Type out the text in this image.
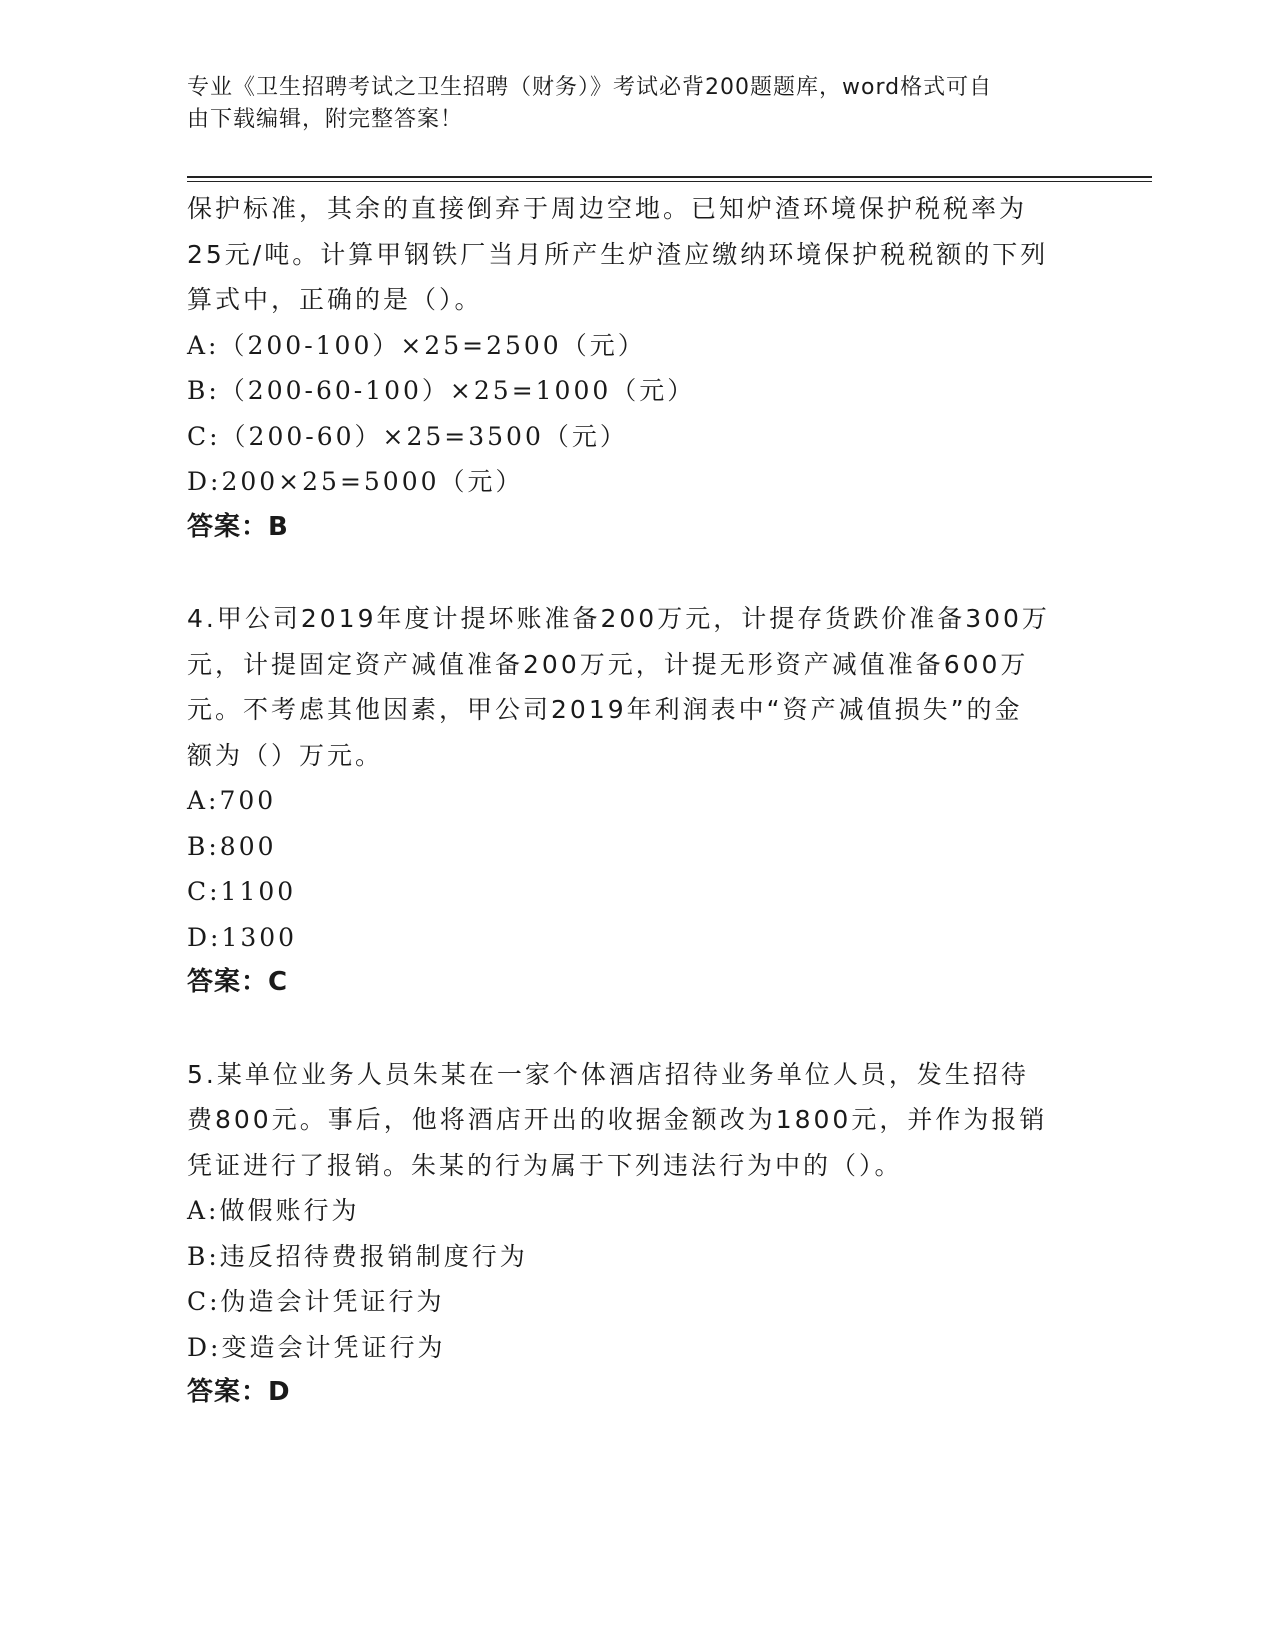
专业《卫生招聘考试之卫生招聘（财务）》考试必背200题题库，word格式可自
由下载编辑，附完整答案！
保护标准，其余的直接倒弃于周边空地。已知炉渣环境保护税税率为
25元/吨。计算甲钢铁厂当月所产生炉渣应缴纳环境保护税税额的下列
算式中，正确的是（）。
A:（200-100）×25=2500（元）
B:（200-60-100）×25=1000（元）
C:（200-60）×25=3500（元）
D:200×25=5000（元）
答案：B
4.甲公司2019年度计提坏账准备200万元，计提存货跌价准备300万
元，计提固定资产减值准备200万元，计提无形资产减值准备600万
元。不考虑其他因素，甲公司2019年利润表中“资产减值损失”的金
额为（）万元。
A:700
B:800
C:1100
D:1300
答案：C
5.某单位业务人员朱某在一家个体酒店招待业务单位人员，发生招待
费800元。事后，他将酒店开出的收据金额改为1800元，并作为报销
凭证进行了报销。朱某的行为属于下列违法行为中的（）。
A:做假账行为
B:违反招待费报销制度行为
C:伪造会计凭证行为
D:变造会计凭证行为
答案：D
